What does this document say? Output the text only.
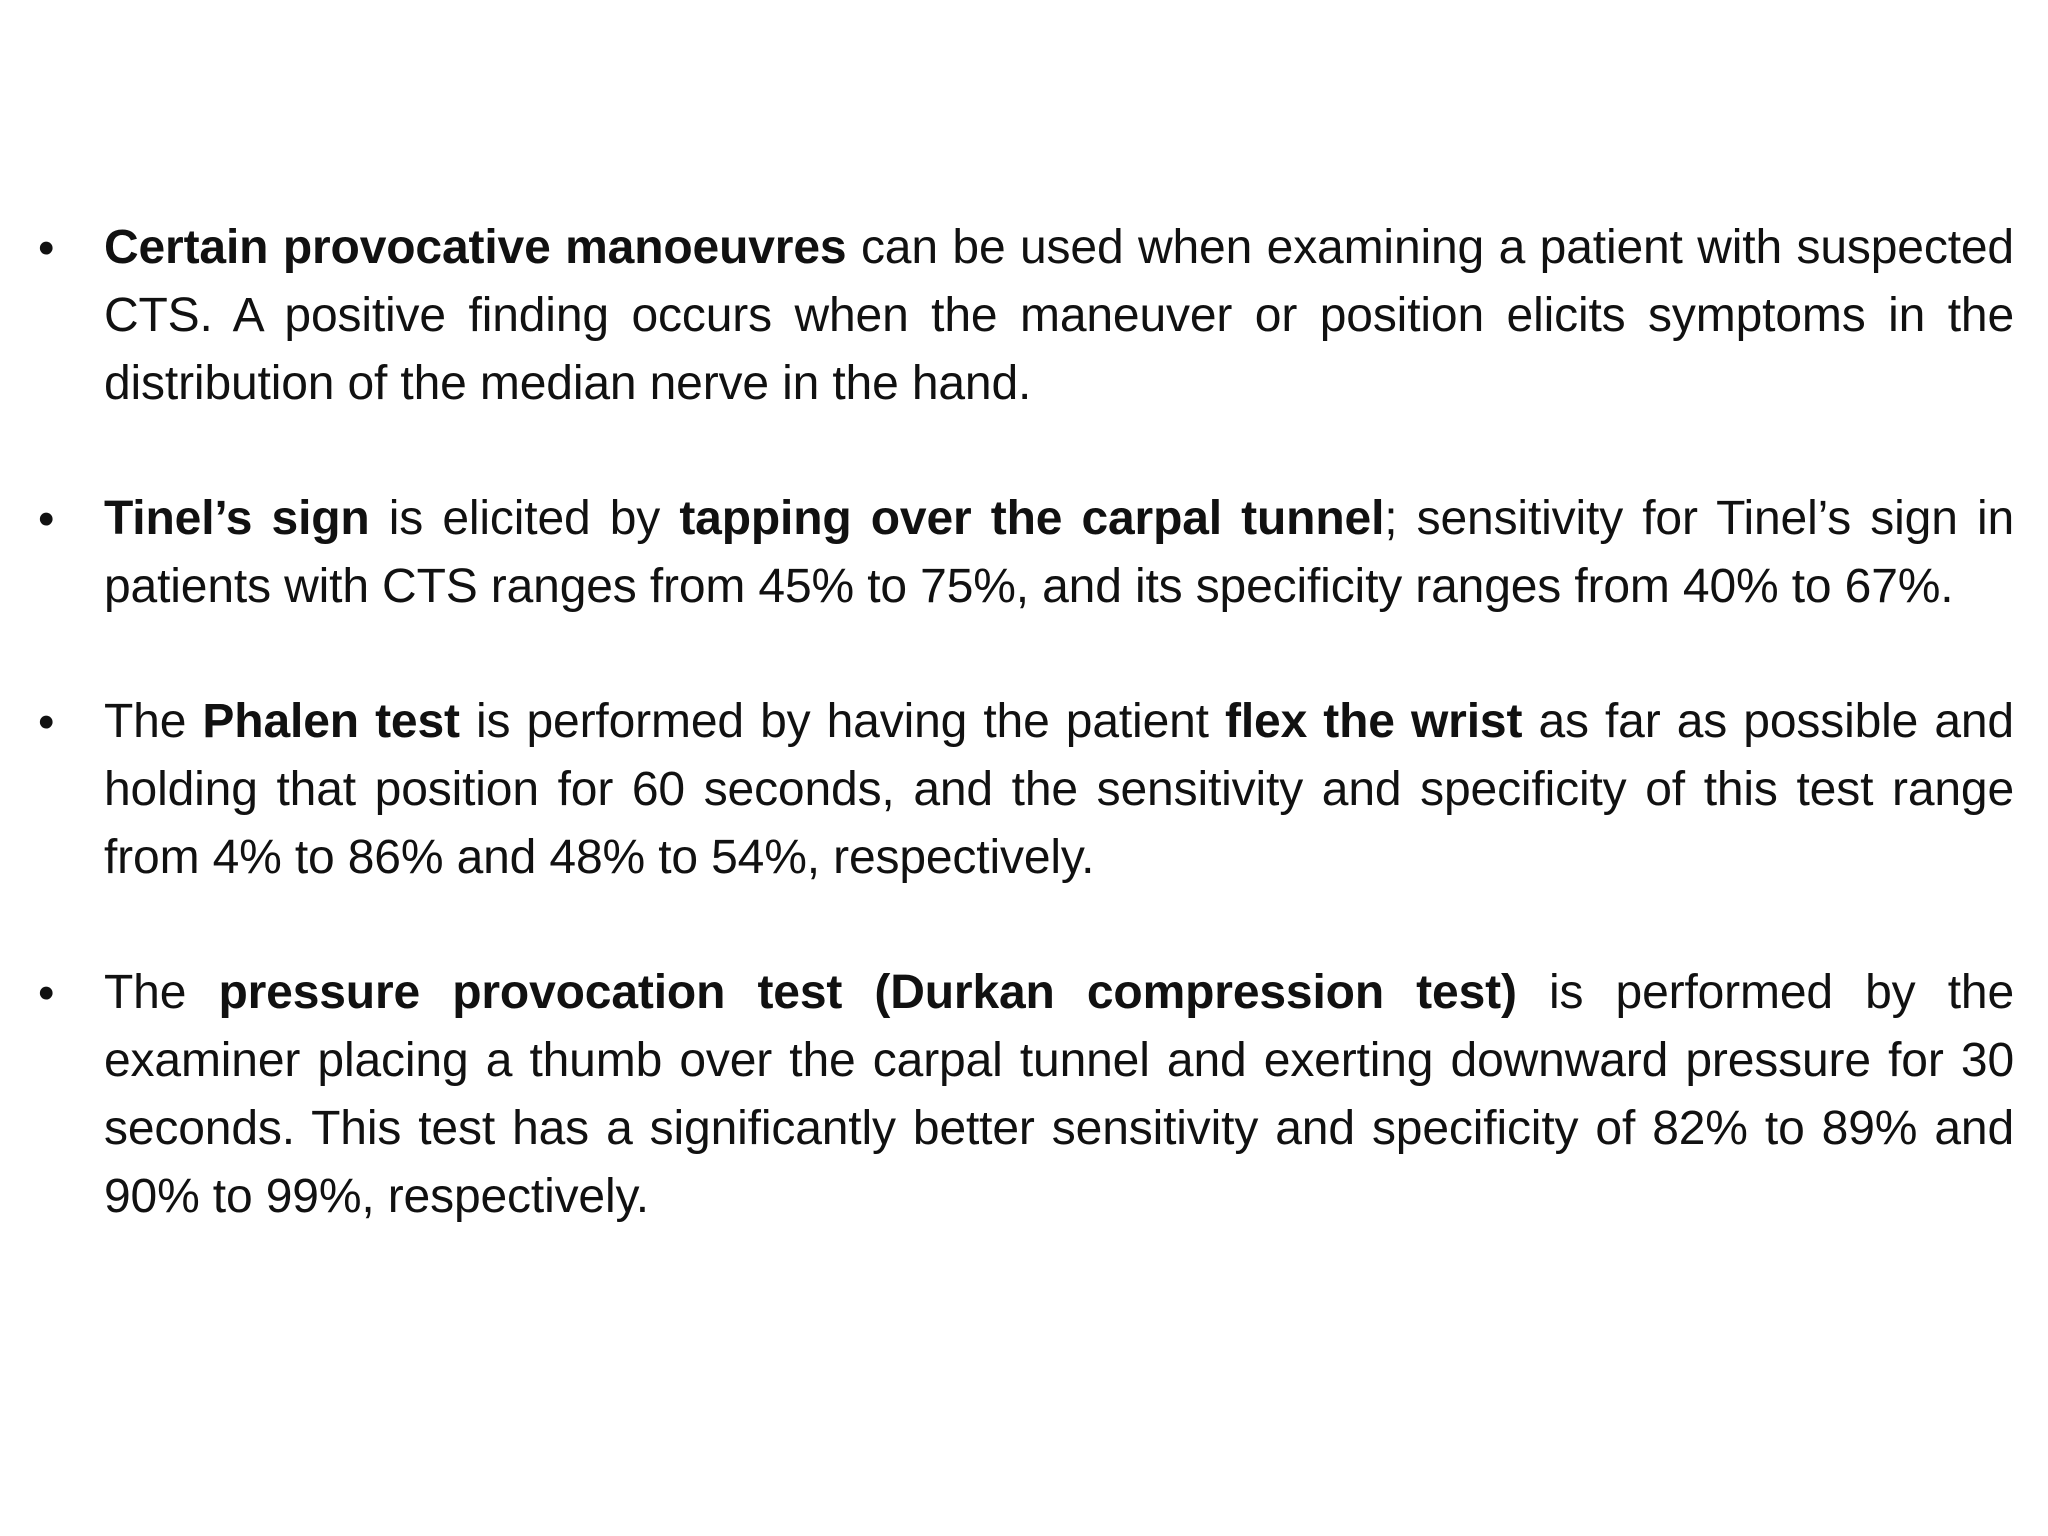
•	Certain provocative manoeuvres can be used when examining a patient with suspected CTS. A positive finding occurs when the maneuver or position elicits symptoms in the distribution of the median nerve in the hand.
•	Tinel’s sign is elicited by tapping over the carpal tunnel; sensitivity for Tinel’s sign in patients with CTS ranges from 45% to 75%, and its specificity ranges from 40% to 67%.
•	The Phalen test is performed by having the patient flex the wrist as far as possible and holding that position for 60 seconds, and the sensitivity and specificity of this test range from 4% to 86% and 48% to 54%, respectively.
•	The pressure provocation test (Durkan compression test) is performed by the examiner placing a thumb over the carpal tunnel and exerting downward pressure for 30 seconds. This test has a significantly better sensitivity and specificity of 82% to 89% and 90% to 99%, respectively.
